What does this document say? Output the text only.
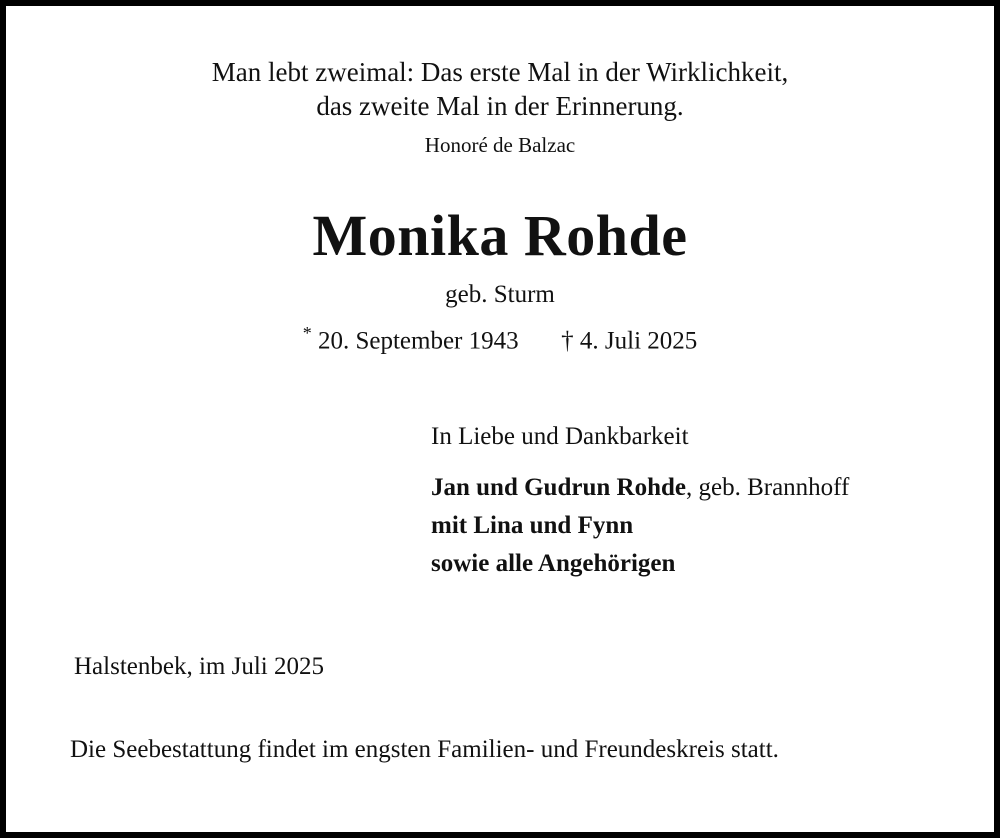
Man lebt zweimal: Das erste Mal in der Wirklichkeit,
das zweite Mal in der Erinnerung.
Honoré de Balzac
Monika Rohde
geb. Sturm
* 20. September 1943 † 4. Juli 2025
In Liebe und Dankbarkeit
Jan und Gudrun Rohde, geb. Brannhoff
mit Lina und Fynn
sowie alle Angehörigen
Halstenbek, im Juli 2025
Die Seebestattung findet im engsten Familien- und Freundeskreis statt.
